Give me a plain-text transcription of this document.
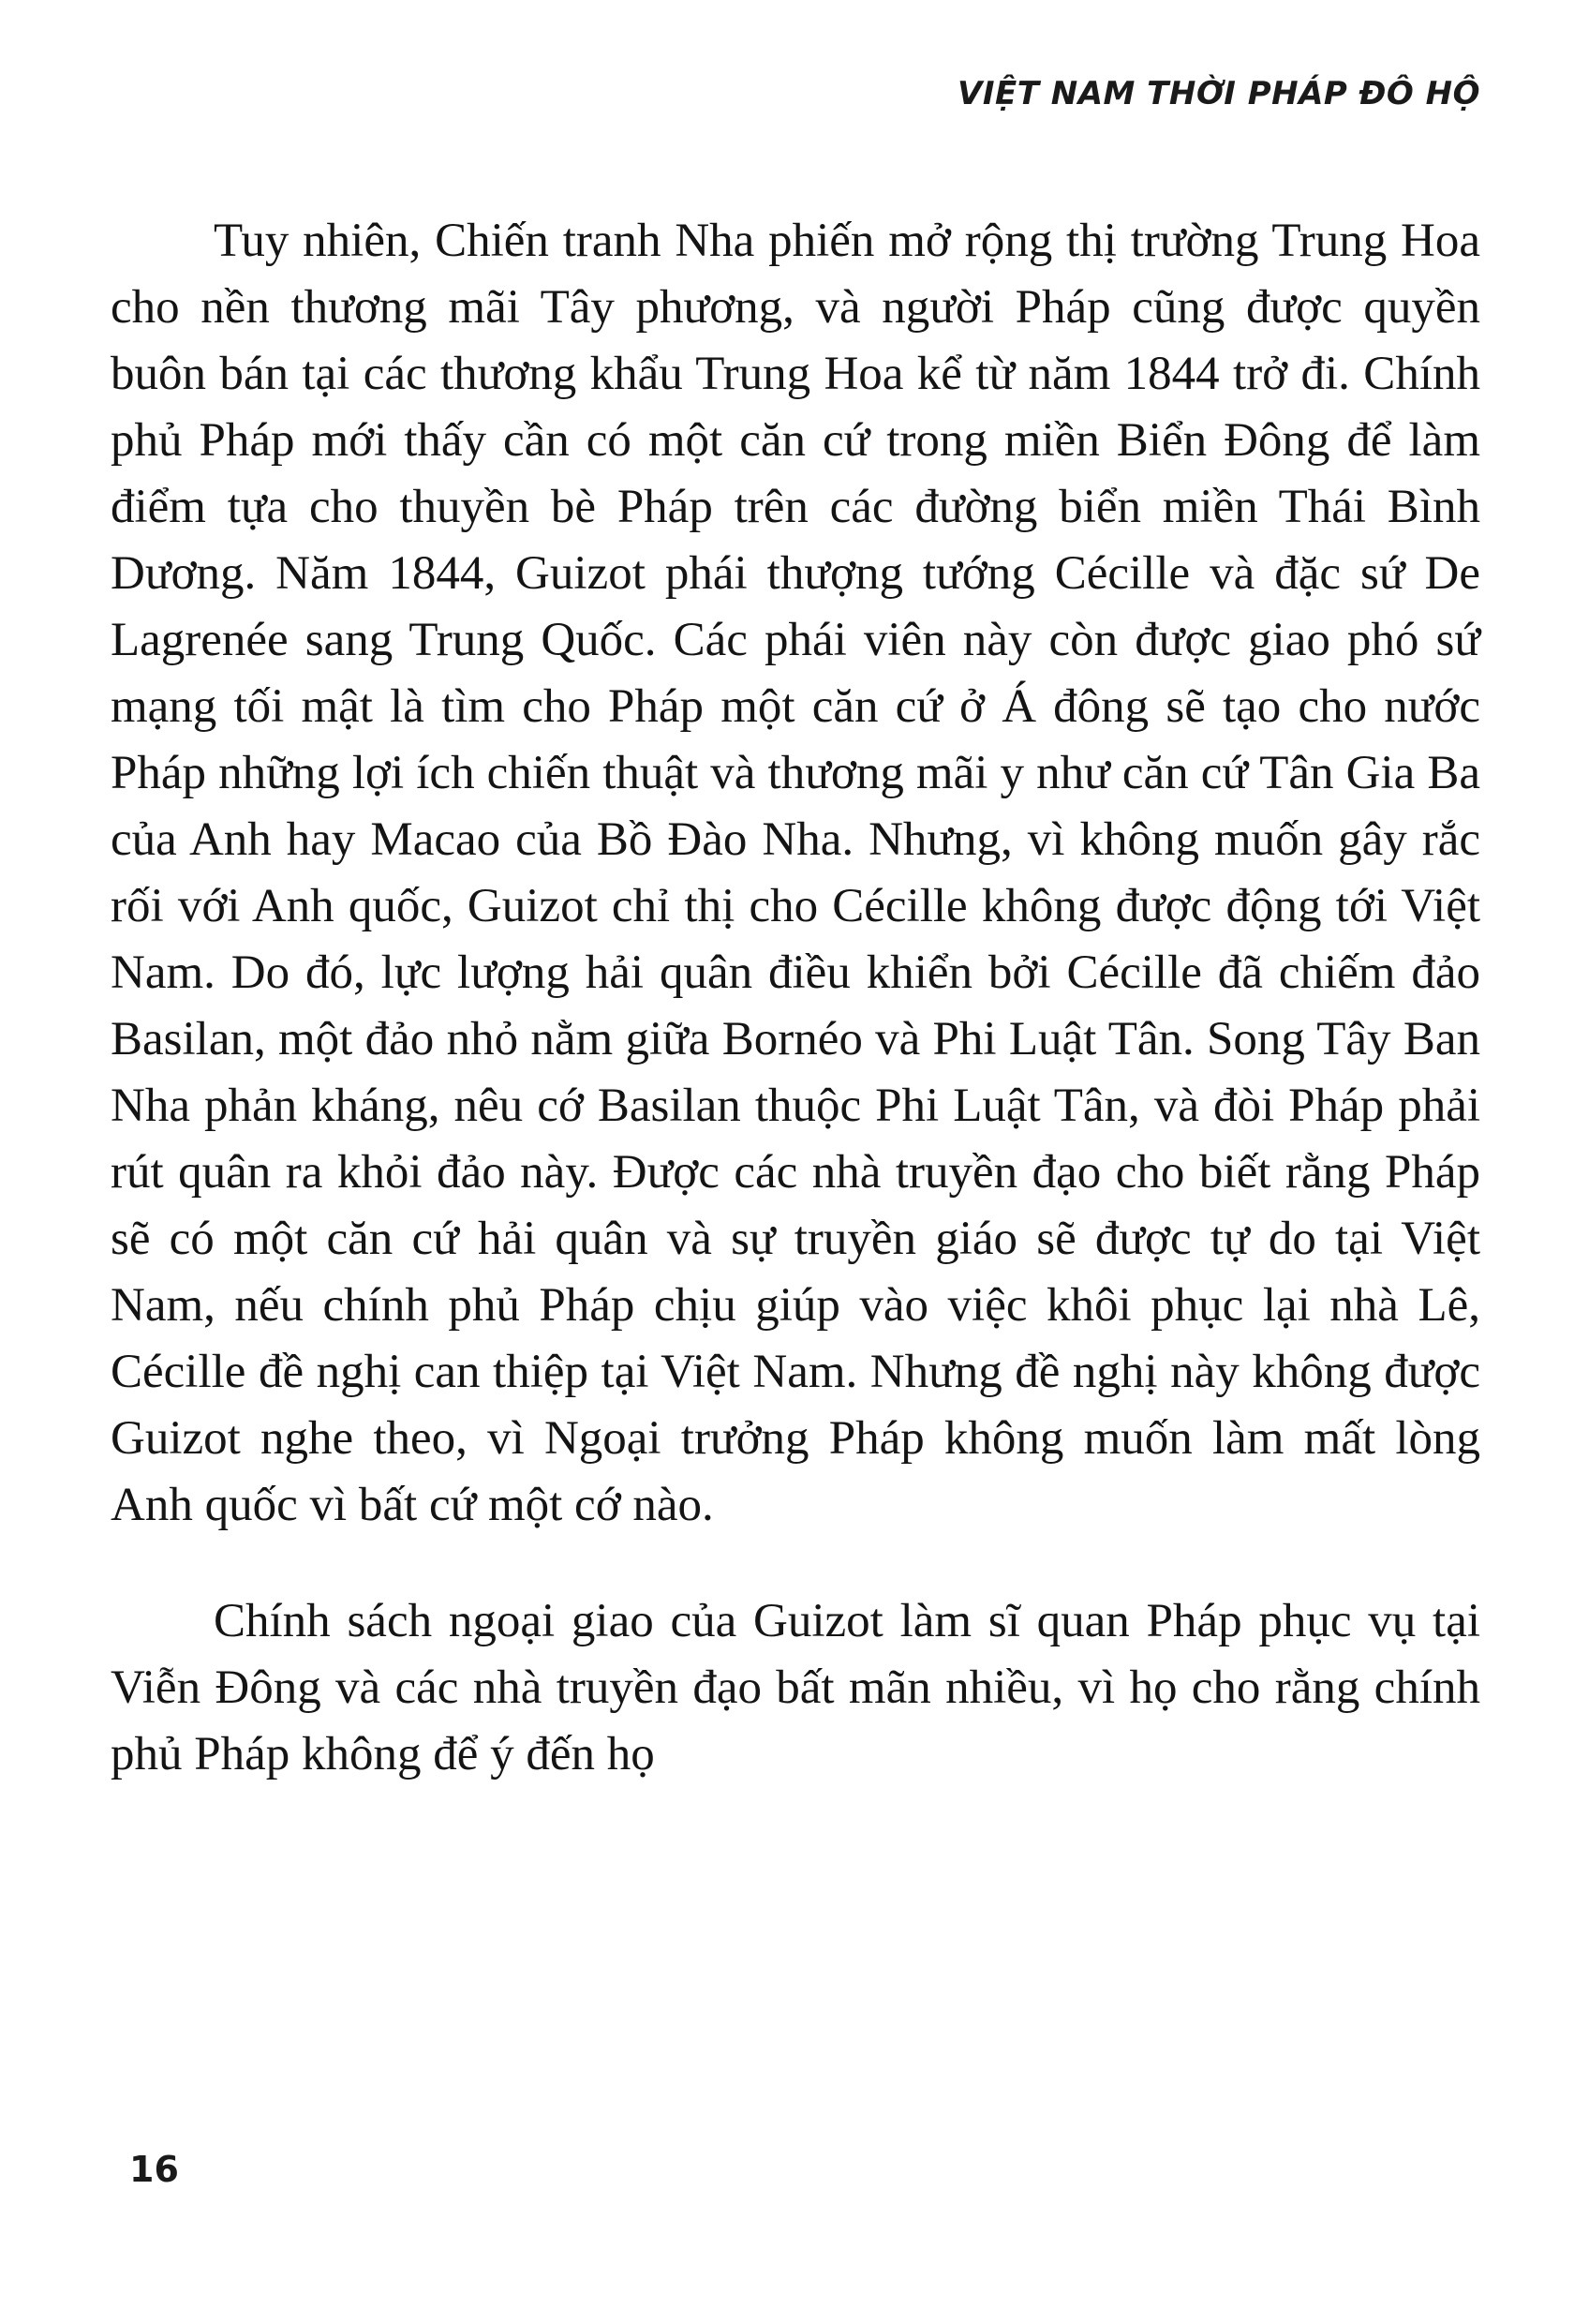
VIỆT NAM THỜI PHÁP ĐÔ HỘ

Tuy nhiên, Chiến tranh Nha phiến mở rộng thị trường Trung Hoa cho nền thương mãi Tây phương, và người Pháp cũng được quyền buôn bán tại các thương khẩu Trung Hoa kể từ năm 1844 trở đi. Chính phủ Pháp mới thấy cần có một căn cứ trong miền Biển Đông để làm điểm tựa cho thuyền bè Pháp trên các đường biển miền Thái Bình Dương. Năm 1844, Guizot phái thượng tướng Cécille và đặc sứ De Lagrenée sang Trung Quốc. Các phái viên này còn được giao phó sứ mạng tối mật là tìm cho Pháp một căn cứ ở Á đông sẽ tạo cho nước Pháp những lợi ích chiến thuật và thương mãi y như căn cứ Tân Gia Ba của Anh hay Macao của Bồ Đào Nha. Nhưng, vì không muốn gây rắc rối với Anh quốc, Guizot chỉ thị cho Cécille không được động tới Việt Nam. Do đó, lực lượng hải quân điều khiển bởi Cécille đã chiếm đảo Basilan, một đảo nhỏ nằm giữa Bornéo và Phi Luật Tân. Song Tây Ban Nha phản kháng, nêu cớ Basilan thuộc Phi Luật Tân, và đòi Pháp phải rút quân ra khỏi đảo này. Được các nhà truyền đạo cho biết rằng Pháp sẽ có một căn cứ hải quân và sự truyền giáo sẽ được tự do tại Việt Nam, nếu chính phủ Pháp chịu giúp vào việc khôi phục lại nhà Lê, Cécille đề nghị can thiệp tại Việt Nam. Nhưng đề nghị này không được Guizot nghe theo, vì Ngoại trưởng Pháp không muốn làm mất lòng Anh quốc vì bất cứ một cớ nào.

Chính sách ngoại giao của Guizot làm sĩ quan Pháp phục vụ tại Viễn Đông và các nhà truyền đạo bất mãn nhiều, vì họ cho rằng chính phủ Pháp không để ý đến họ

16
